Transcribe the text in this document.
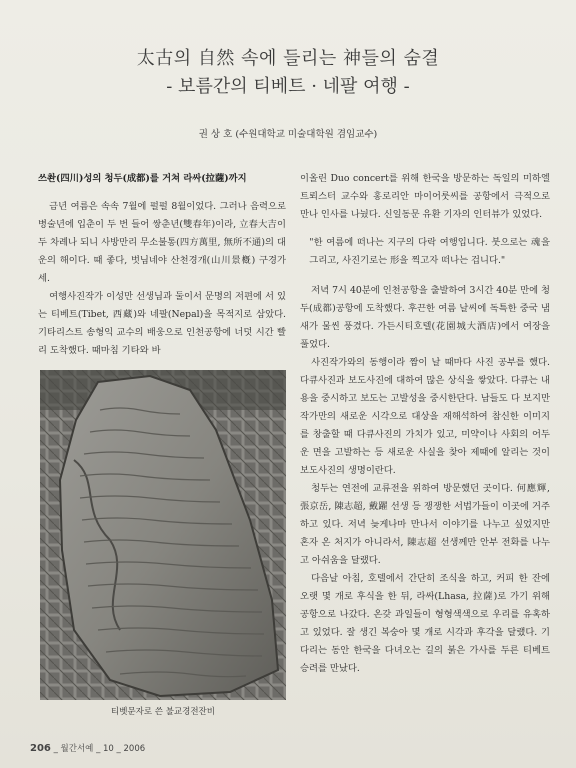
太古의 自然 속에 들리는 神들의 숨결
- 보름간의 티베트 · 네팔 여행 -
권 상 호 (수원대학교 미술대학원 겸임교수)

쓰촨(四川)성의 청두(成都)를 거쳐 라싸(拉薩)까지

금년 여름은 속속 7월에 펄펄 8월이었다. 그러나 음력으로 병술년에 입춘이 두 번 들어 쌍춘년(雙春年)이라, 立春大吉이 두 차례나 되니 사방만리 무소불통(四方萬里, 無所不通)의 대운의 해이다. 때 좋다, 벗님네야 산천경개(山川景槪) 구경가세.

여행사진작가 이성만 선생님과 둘이서 문명의 저편에 서 있는 티베트(Tibet, 西藏)와 네팔(Nepal)을 목적지로 삼았다. 기타리스트 송형익 교수의 배웅으로 인천공항에 너덧 시간 빨리 도착했다. 때마침 기타와 바

티벳문자로 쓴 불교경전잔비

이올린 Duo concert를 위해 한국을 방문하는 독일의 미하엘 트뢰스터 교수와 홍로리안 마이어룻씨를 공항에서 극적으로 만나 인사를 나눴다. 신일동문 유환 기자의 인터뷰가 있었다.

"한 여름에 떠나는 지구의 다락 여행입니다. 붓으로는 魂을 그리고, 사진기로는 形을 찍고자 떠나는 겁니다."

저녁 7시 40분에 인천공항을 출발하여 3시간 40분 만에 청두(成都)공항에 도착했다. 후끈한 여름 날씨에 독특한 중국 냄새가 물씬 풍겼다. 가든시티호텔(花園城大酒店)에서 여장을 풀었다.

사진작가와의 동행이라 짬이 날 때마다 사진 공부를 했다. 다큐사진과 보도사진에 대하여 많은 상식을 쌓았다. 다큐는 내용을 중시하고 보도는 고발성을 중시한단다. 남들도 다 보지만 작가만의 새로운 시각으로 대상을 재해석하여 참신한 이미지를 창출할 때 다큐사진의 가치가 있고, 미약이나 사회의 어두운 면을 고발하는 등 새로운 사실을 찾아 제때에 알리는 것이 보도사진의 생명이란다.

청두는 연전에 교류전을 위하여 방문했던 곳이다. 何應輝, 張京岳, 陳志超, 戴躍 선생 등 쟁쟁한 서법가들이 이곳에 거주하고 있다. 저녁 늦게나마 만나서 이야기를 나누고 싶었지만 혼자 온 처지가 아니라서, 陳志超 선생께만 안부 전화를 나누고 아쉬움을 달랬다.

다음날 아침, 호텔에서 간단히 조식을 하고, 커피 한 잔에 오랫 몇 개로 후식을 한 뒤, 라싸(Lhasa, 拉薩)로 가기 위해 공항으로 나갔다. 온갖 과일들이 형형색색으로 우리를 유혹하고 있었다. 잘 생긴 복숭아 몇 개로 시각과 후각을 달랬다. 기다리는 동안 한국을 다녀오는 길의 붉은 가사를 두른 티베트 승려를 만났다.

206 _ 월간서예 _ 10 _ 2006
